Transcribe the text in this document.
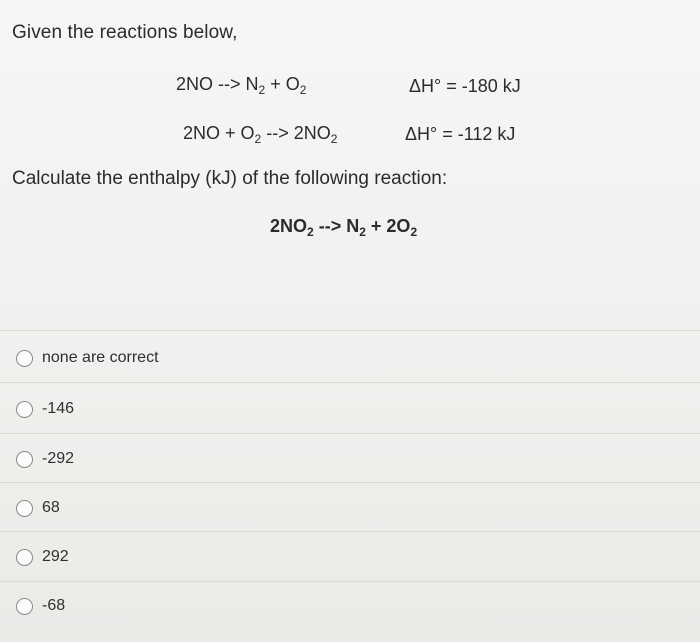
Given the reactions below,
2NO --> $N_2 + O_2$	ΔH° = -180 kJ
$2NO + O_2$ --> $2NO_2$	ΔH° = -112 kJ
Calculate the enthalpy (kJ) of the following reaction:
$2NO_2$ --> $N_2 + 2O_2$
none are correct
-146
-292
68
292
-68
